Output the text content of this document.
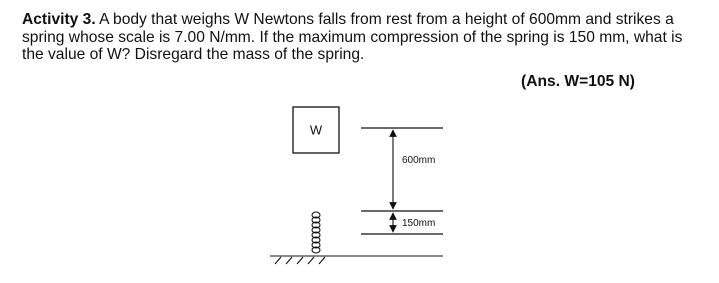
Activity 3. A body that weighs W Newtons falls from rest from a height of 600mm and strikes a spring whose scale is 7.00 N/mm. If the maximum compression of the spring is 150 mm, what is the value of W? Disregard the mass of the spring.

(Ans. W=105 N)
W
600mm
150mm
